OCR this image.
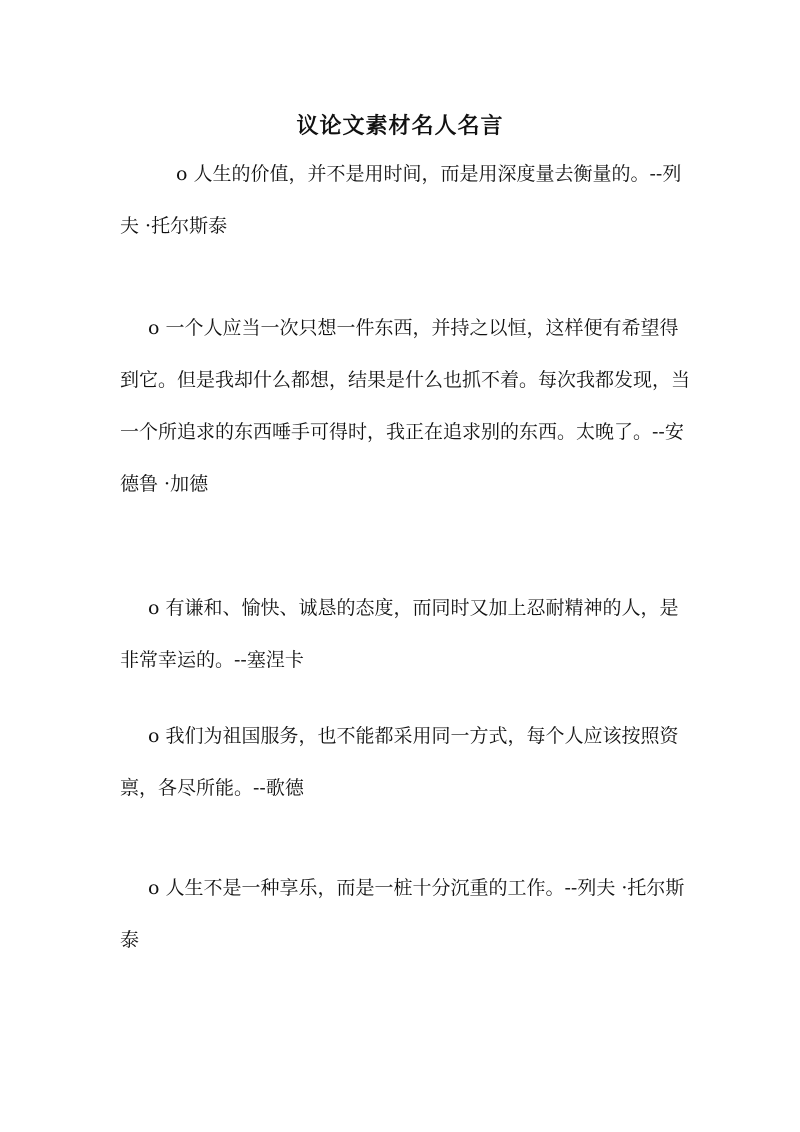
议论文素材名人名言

o 人生的价值，并不是用时间，而是用深度量去衡量的。--列夫 ·托尔斯泰

o 一个人应当一次只想一件东西，并持之以恒，这样便有希望得到它。但是我却什么都想，结果是什么也抓不着。每次我都发现，当一个所追求的东西唾手可得时，我正在追求别的东西。太晚了。--安德鲁 ·加德

o 有谦和、愉快、诚恳的态度，而同时又加上忍耐精神的人，是非常幸运的。--塞涅卡

o 我们为祖国服务，也不能都采用同一方式，每个人应该按照资禀，各尽所能。--歌德

o 人生不是一种享乐，而是一桩十分沉重的工作。--列夫 ·托尔斯泰
